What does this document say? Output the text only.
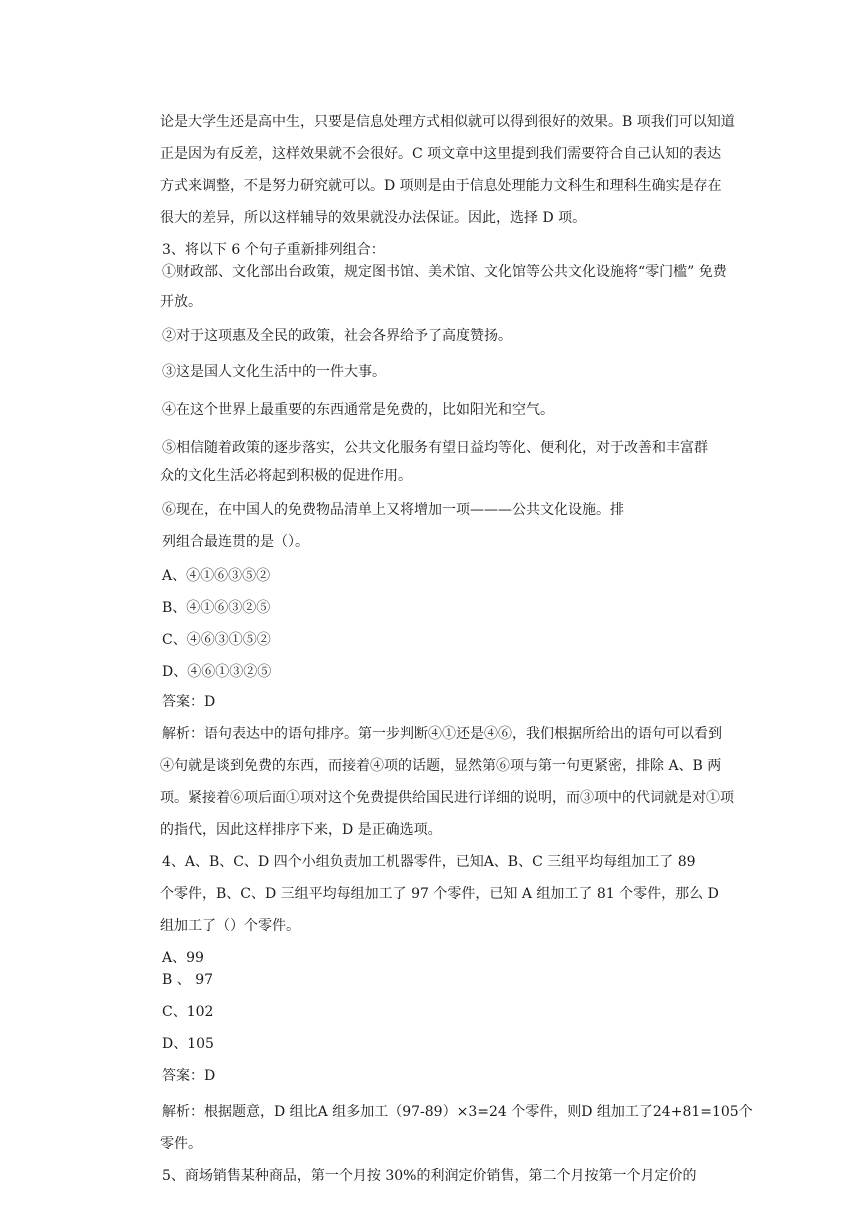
论是大学生还是高中生，只要是信息处理方式相似就可以得到很好的效果。B 项我们可以知道
正是因为有反差，这样效果就不会很好。C 项文章中这里提到我们需要符合自己认知的表达
方式来调整，不是努力研究就可以。D 项则是由于信息处理能力文科生和理科生确实是存在
很大的差异，所以这样辅导的效果就没办法保证。因此，选择 D 项。
3、将以下 6 个句子重新排列组合：
①财政部、文化部出台政策，规定图书馆、美术馆、文化馆等公共文化设施将“零门槛” 免费
开放。
②对于这项惠及全民的政策，社会各界给予了高度赞扬。
③这是国人文化生活中的一件大事。
④在这个世界上最重要的东西通常是免费的，比如阳光和空气。
⑤相信随着政策的逐步落实，公共文化服务有望日益均等化、便利化，对于改善和丰富群
众的文化生活必将起到积极的促进作用。
⑥现在，在中国人的免费物品清单上又将增加一项———公共文化设施。排
列组合最连贯的是（）。
A、④①⑥③⑤②
B、④①⑥③②⑤
C、④⑥③①⑤②
D、④⑥①③②⑤
答案：D
解析：语句表达中的语句排序。第一步判断④①还是④⑥，我们根据所给出的语句可以看到
④句就是谈到免费的东西，而接着④项的话题，显然第⑥项与第一句更紧密，排除 A、B 两
项。紧接着⑥项后面①项对这个免费提供给国民进行详细的说明，而③项中的代词就是对①项
的指代，因此这样排序下来，D 是正确选项。
4、A、B、C、D 四个小组负责加工机器零件，已知A、B、C 三组平均每组加工了 89
个零件，B、C、D 三组平均每组加工了 97 个零件，已知 A 组加工了 81 个零件，那么 D
组加工了（）个零件。
A、99
B 、 97
C、102
D、105
答案：D
解析：根据题意，D 组比A 组多加工（97-89）×3=24 个零件，则D 组加工了24+81=105个
零件。
5、商场销售某种商品，第一个月按 30%的利润定价销售，第二个月按第一个月定价的
